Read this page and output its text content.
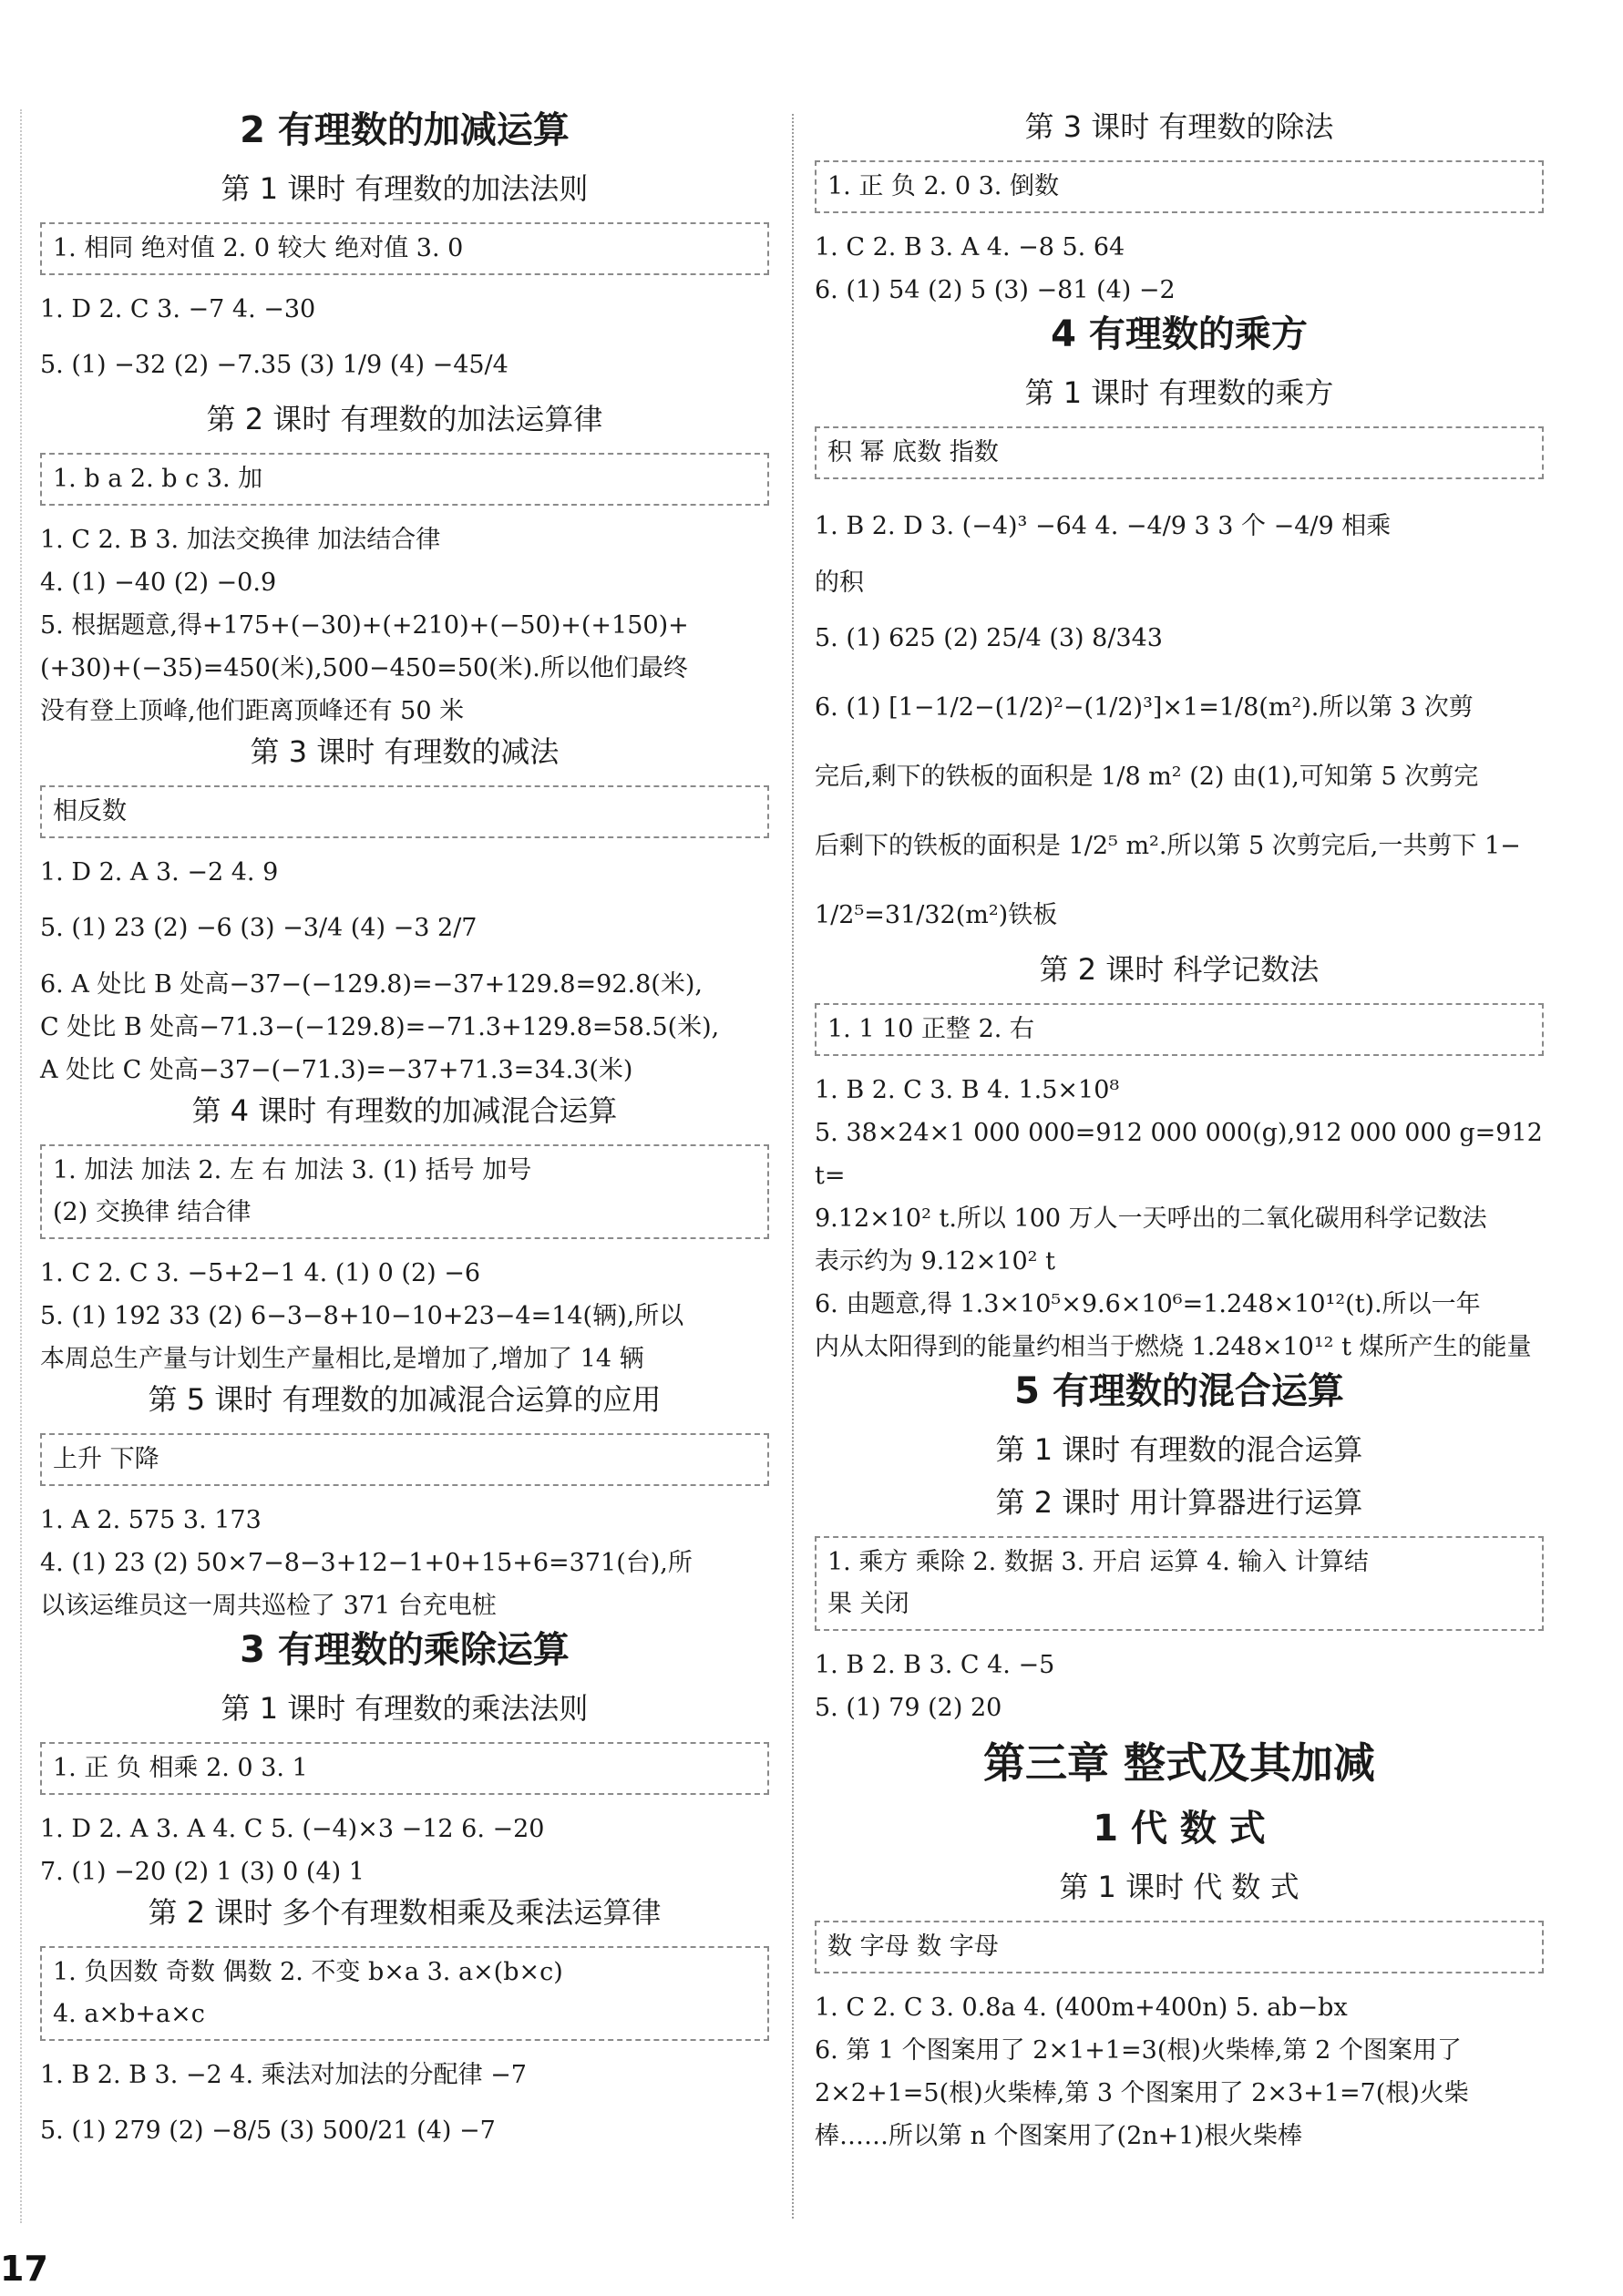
2 有理数的加减运算
第 1 课时 有理数的加法法则
1. 相同 绝对值 2. 0 较大 绝对值 3. 0
1. D 2. C 3. −7 4. −30
5. (1) −32 (2) −7.35 (3) 1/9 (4) −45/4
第 2 课时 有理数的加法运算律
1. b a 2. b c 3. 加
1. C 2. B 3. 加法交换律 加法结合律
4. (1) −40 (2) −0.9
5. 根据题意,得+175+(−30)+(+210)+(−50)+(+150)+
(+30)+(−35)=450(米),500−450=50(米).所以他们最终
没有登上顶峰,他们距离顶峰还有 50 米
第 3 课时 有理数的减法
相反数
1. D 2. A 3. −2 4. 9
5. (1) 23 (2) −6 (3) −3/4 (4) −3 2/7
6. A 处比 B 处高−37−(−129.8)=−37+129.8=92.8(米),
C 处比 B 处高−71.3−(−129.8)=−71.3+129.8=58.5(米),
A 处比 C 处高−37−(−71.3)=−37+71.3=34.3(米)
第 4 课时 有理数的加减混合运算
1. 加法 加法 2. 左 右 加法 3. (1) 括号 加号
(2) 交换律 结合律
1. C 2. C 3. −5+2−1 4. (1) 0 (2) −6
5. (1) 192 33 (2) 6−3−8+10−10+23−4=14(辆),所以
本周总生产量与计划生产量相比,是增加了,增加了 14 辆
第 5 课时 有理数的加减混合运算的应用
上升 下降
1. A 2. 575 3. 173
4. (1) 23 (2) 50×7−8−3+12−1+0+15+6=371(台),所
以该运维员这一周共巡检了 371 台充电桩
3 有理数的乘除运算
第 1 课时 有理数的乘法法则
1. 正 负 相乘 2. 0 3. 1
1. D 2. A 3. A 4. C 5. (−4)×3 −12 6. −20
7. (1) −20 (2) 1 (3) 0 (4) 1
第 2 课时 多个有理数相乘及乘法运算律
1. 负因数 奇数 偶数 2. 不变 b×a 3. a×(b×c)
4. a×b+a×c
1. B 2. B 3. −2 4. 乘法对加法的分配律 −7
5. (1) 279 (2) −8/5 (3) 500/21 (4) −7
第 3 课时 有理数的除法
1. 正 负 2. 0 3. 倒数
1. C 2. B 3. A 4. −8 5. 64
6. (1) 54 (2) 5 (3) −81 (4) −2
4 有理数的乘方
第 1 课时 有理数的乘方
积 幂 底数 指数
1. B 2. D 3. (−4)³ −64 4. −4/9 3 3 个 −4/9 相乘
的积
5. (1) 625 (2) 25/4 (3) 8/343
6. (1) [1−1/2−(1/2)²−(1/2)³]×1=1/8(m²).所以第 3 次剪
完后,剩下的铁板的面积是 1/8 m² (2) 由(1),可知第 5 次剪完
后剩下的铁板的面积是 1/2⁵ m².所以第 5 次剪完后,一共剪下 1−
1/2⁵=31/32(m²)铁板
第 2 课时 科学记数法
1. 1 10 正整 2. 右
1. B 2. C 3. B 4. 1.5×10⁸
5. 38×24×1 000 000=912 000 000(g),912 000 000 g=912 t=
9.12×10² t.所以 100 万人一天呼出的二氧化碳用科学记数法
表示约为 9.12×10² t
6. 由题意,得 1.3×10⁵×9.6×10⁶=1.248×10¹²(t).所以一年
内从太阳得到的能量约相当于燃烧 1.248×10¹² t 煤所产生的能量
5 有理数的混合运算
第 1 课时 有理数的混合运算
第 2 课时 用计算器进行运算
1. 乘方 乘除 2. 数据 3. 开启 运算 4. 输入 计算结
果 关闭
1. B 2. B 3. C 4. −5
5. (1) 79 (2) 20
第三章 整式及其加减
1 代 数 式
第 1 课时 代 数 式
数 字母 数 字母
1. C 2. C 3. 0.8a 4. (400m+400n) 5. ab−bx
6. 第 1 个图案用了 2×1+1=3(根)火柴棒,第 2 个图案用了
2×2+1=5(根)火柴棒,第 3 个图案用了 2×3+1=7(根)火柴
棒……所以第 n 个图案用了(2n+1)根火柴棒
17
